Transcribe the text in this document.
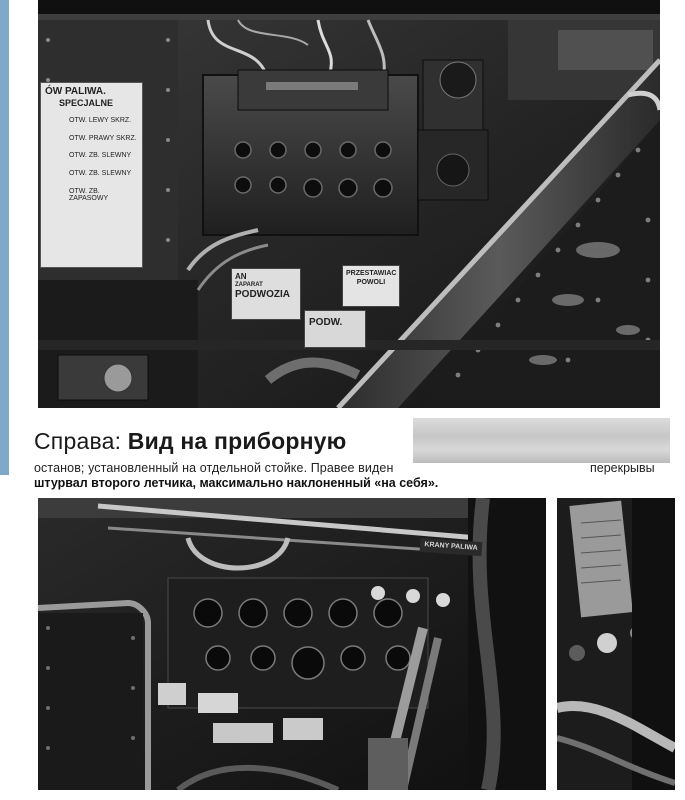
ÓW PALIWA.
SPECJALNE
OTW. LEWY SKRZ.
OTW. PRAWY SKRZ.
OTW. ZB. SLEWNY
OTW. ZB. SLEWNY
OTW. ZB. ZAPASOWY
AN
ZAPARAT
PODWOZIA
PRZESTAWIAC
POWOLI
PODW.
Справа: Вид на приборную
останов; установленный на отдельной стойке. Правее виден	перекрывы
штурвал второго летчика, максимально наклоненный «на себя».
KRANY PALIWA
